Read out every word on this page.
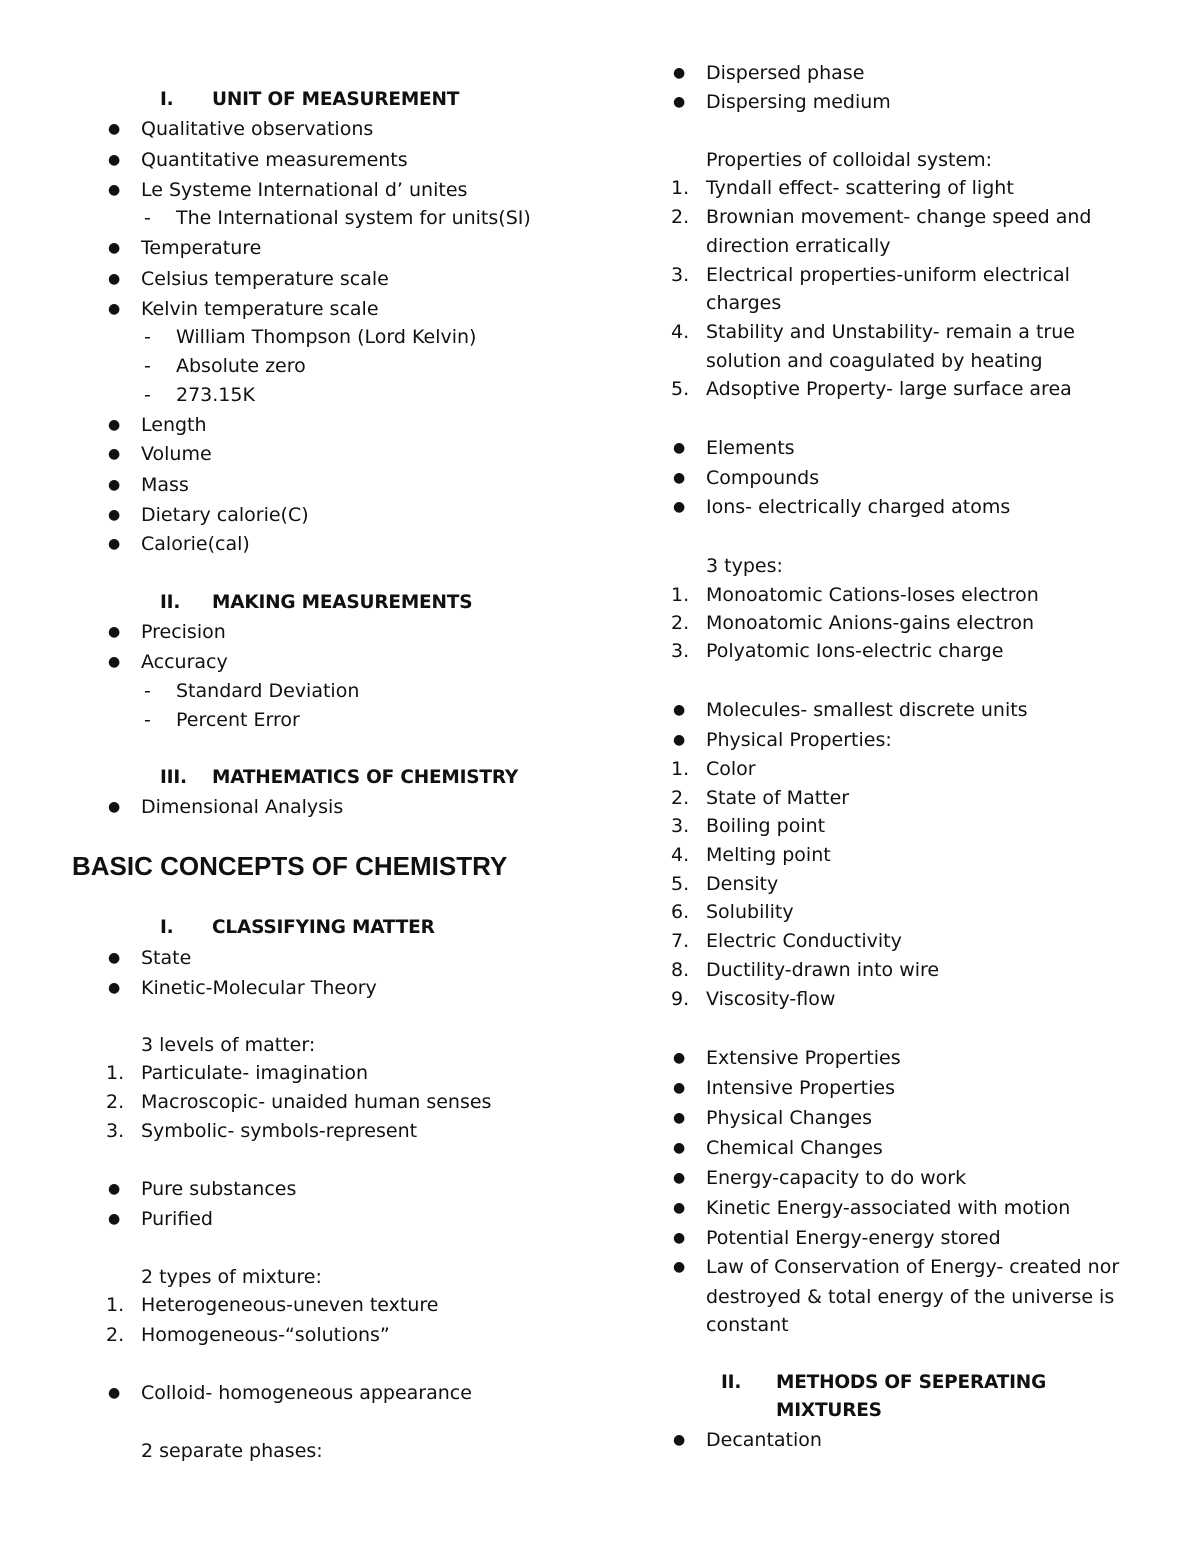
I. UNIT OF MEASUREMENT
● Qualitative observations
● Quantitative measurements
● Le Systeme International d’ unites
- The International system for units(SI)
● Temperature
● Celsius temperature scale
● Kelvin temperature scale
- William Thompson (Lord Kelvin)
- Absolute zero
- 273.15K
● Length
● Volume
● Mass
● Dietary calorie(C)
● Calorie(cal)
II. MAKING MEASUREMENTS
● Precision
● Accuracy
- Standard Deviation
- Percent Error
III. MATHEMATICS OF CHEMISTRY
● Dimensional Analysis
BASIC CONCEPTS OF CHEMISTRY
I. CLASSIFYING MATTER
● State
● Kinetic-Molecular Theory
3 levels of matter:
1. Particulate- imagination
2. Macroscopic- unaided human senses
3. Symbolic- symbols-represent
● Pure substances
● Purified
2 types of mixture:
1. Heterogeneous-uneven texture
2. Homogeneous-“solutions”
● Colloid- homogeneous appearance
2 separate phases:
● Dispersed phase
● Dispersing medium
Properties of colloidal system:
1. Tyndall effect- scattering of light
2. Brownian movement- change speed and
direction erratically
3. Electrical properties-uniform electrical
charges
4. Stability and Unstability- remain a true
solution and coagulated by heating
5. Adsoptive Property- large surface area
● Elements
● Compounds
● Ions- electrically charged atoms
3 types:
1. Monoatomic Cations-loses electron
2. Monoatomic Anions-gains electron
3. Polyatomic Ions-electric charge
● Molecules- smallest discrete units
● Physical Properties:
1. Color
2. State of Matter
3. Boiling point
4. Melting point
5. Density
6. Solubility
7. Electric Conductivity
8. Ductility-drawn into wire
9. Viscosity-flow
● Extensive Properties
● Intensive Properties
● Physical Changes
● Chemical Changes
● Energy-capacity to do work
● Kinetic Energy-associated with motion
● Potential Energy-energy stored
● Law of Conservation of Energy- created nor
destroyed & total energy of the universe is
constant
II. METHODS OF SEPERATING
MIXTURES
● Decantation
